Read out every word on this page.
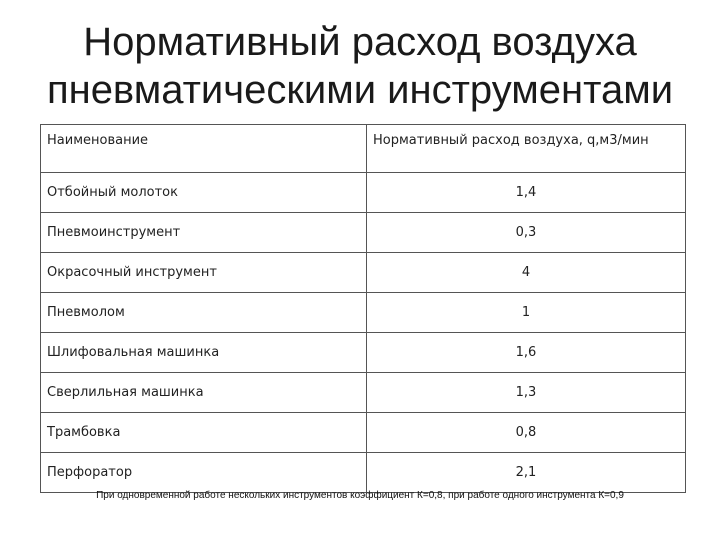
Нормативный расход воздуха
пневматическими инструментами
Наименование	Нормативный расход воздуха, q,м3/мин
Отбойный молоток	1,4
Пневмоинструмент	0,3
Окрасочный инструмент	4
Пневмолом	1
Шлифовальная машинка	1,6
Сверлильная машинка	1,3
Трамбовка	0,8
Перфоратор	2,1
При одновременной работе нескольких инструментов коэффициент К=0,8, при работе одного инструмента К=0,9
